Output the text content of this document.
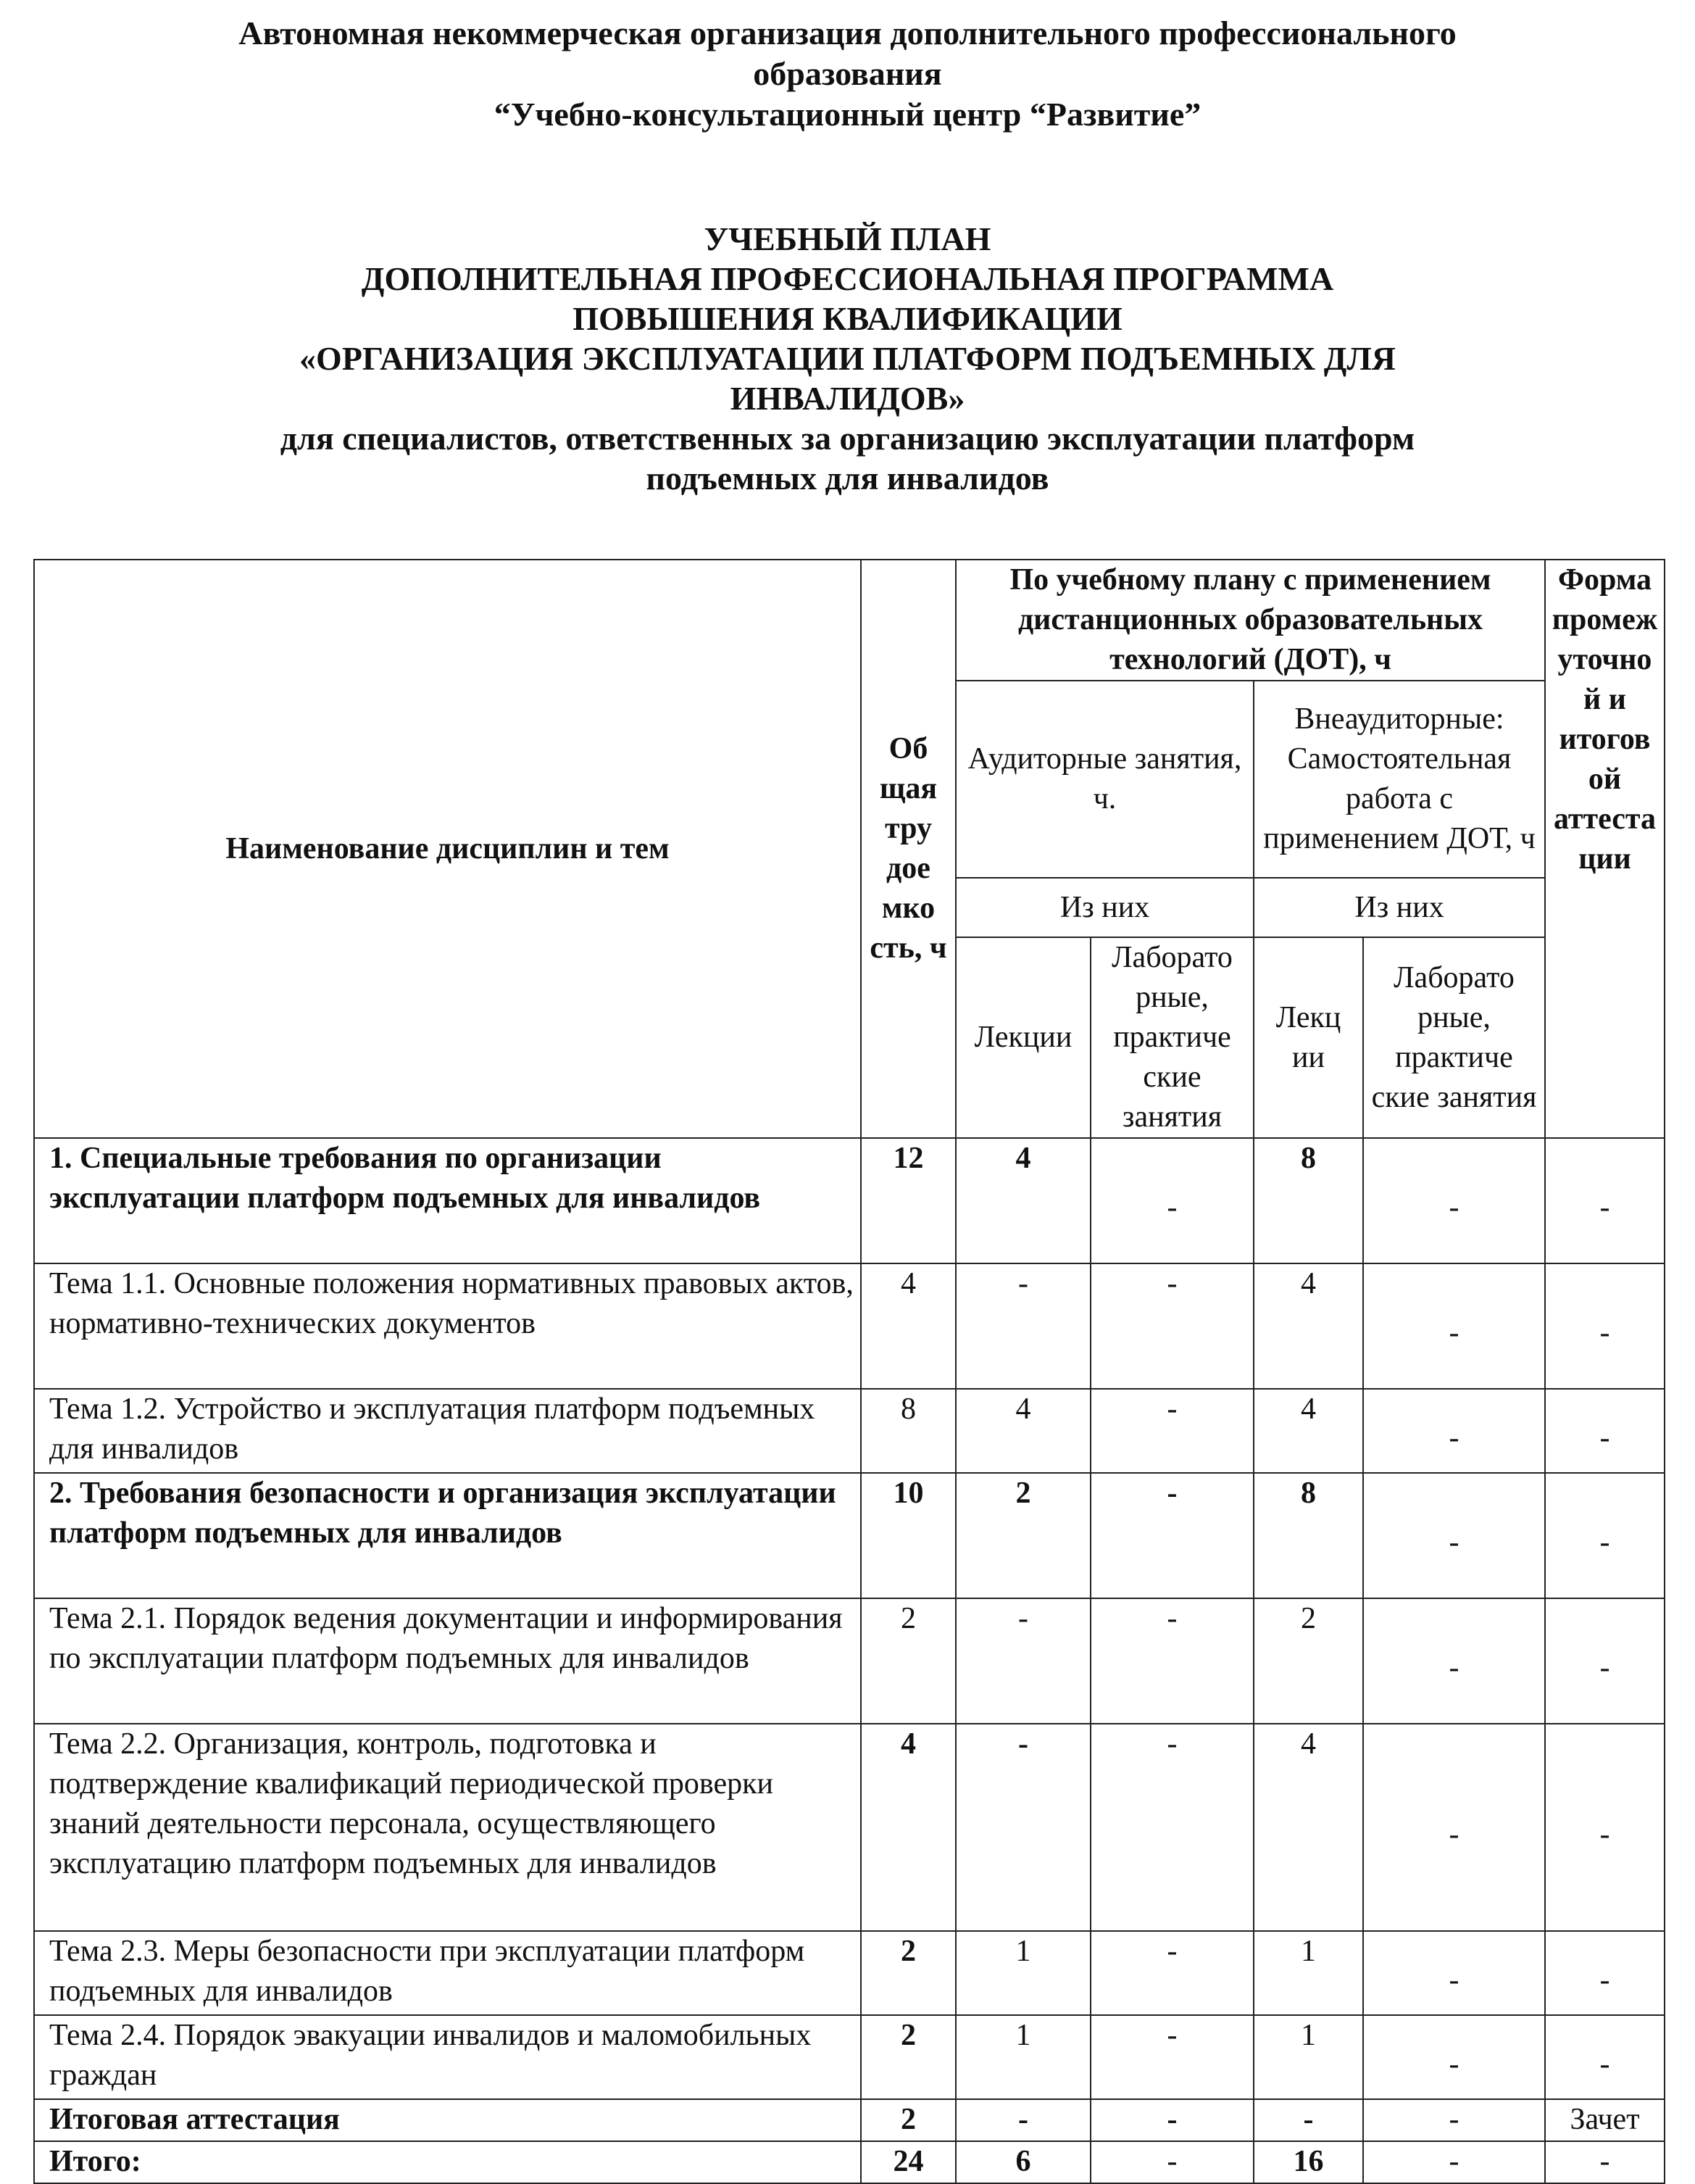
Автономная некоммерческая организация дополнительного профессионального
образования
“Учебно-консультационный центр “Развитие”
УЧЕБНЫЙ ПЛАН
ДОПОЛНИТЕЛЬНАЯ ПРОФЕССИОНАЛЬНАЯ ПРОГРАММА
ПОВЫШЕНИЯ КВАЛИФИКАЦИИ
«ОРГАНИЗАЦИЯ ЭКСПЛУАТАЦИИ ПЛАТФОРМ ПОДЪЕМНЫХ ДЛЯ
ИНВАЛИДОВ»
для специалистов, ответственных за организацию эксплуатации платформ
подъемных для инвалидов
Наименование дисциплин и тем	Об щая тру дое мко сть, ч	По учебному плану с применением дистанционных образовательных технологий (ДОТ), ч				Форма промеж уточно й и итогов ой аттеста ции
		Аудиторные занятия, ч.		Внеаудиторные: Самостоятельная работа с применением ДОТ, ч		
		Из них		Из них		
		Лекции	Лаборато рные, практиче ские занятия	Лекц ии	Лаборато рные, практиче ские занятия	
1. Специальные требования по организации эксплуатации платформ подъемных для инвалидов	12	4	-	8	-	-
Тема 1.1. Основные положения нормативных правовых актов, нормативно-технических документов	4	-	-	4	-	-
Тема 1.2. Устройство и эксплуатация платформ подъемных для инвалидов	8	4	-	4	-	-
2. Требования безопасности и организация эксплуатации платформ подъемных для инвалидов	10	2	-	8	-	-
Тема 2.1. Порядок ведения документации и информирования по эксплуатации платформ подъемных для инвалидов	2	-	-	2	-	-
Тема 2.2. Организация, контроль, подготовка и подтверждение квалификаций периодической проверки знаний деятельности персонала, осуществляющего эксплуатацию платформ подъемных для инвалидов	4	-	-	4	-	-
Тема 2.3. Меры безопасности при эксплуатации платформ подъемных для инвалидов	2	1	-	1	-	-
Тема 2.4. Порядок эвакуации инвалидов и маломобильных граждан	2	1	-	1	-	-
Итоговая аттестация	2	-	-	-	-	Зачет
Итого:	24	6	-	16	-	-
